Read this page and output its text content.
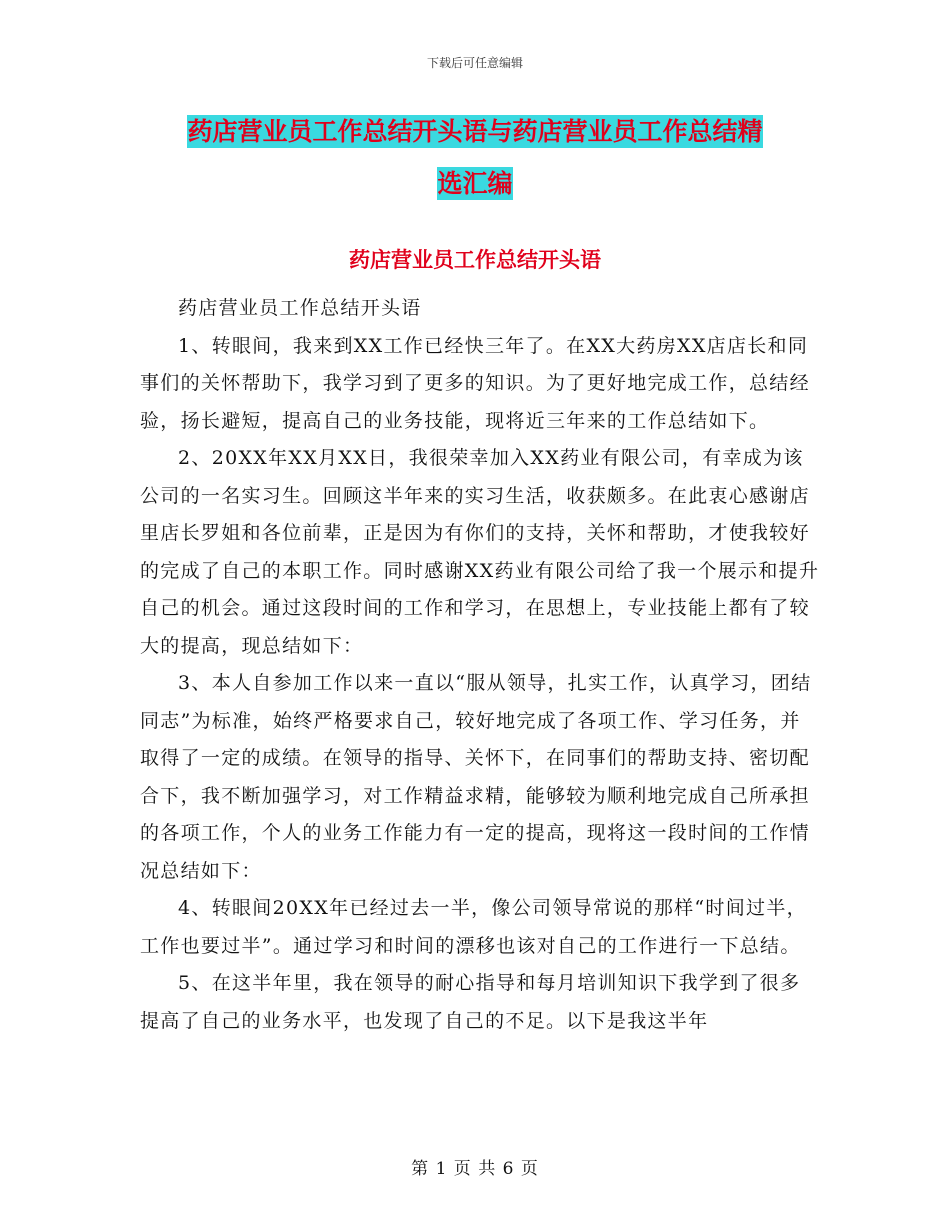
下载后可任意编辑
药店营业员工作总结开头语与药店营业员工作总结精
选汇编
药店营业员工作总结开头语

药店营业员工作总结开头语

1、转眼间，我来到XX工作已经快三年了。在XX大药房XX店店长和同事们的关怀帮助下，我学习到了更多的知识。为了更好地完成工作，总结经验，扬长避短，提高自己的业务技能，现将近三年来的工作总结如下。

2、20XX年XX月XX日，我很荣幸加入XX药业有限公司，有幸成为该公司的一名实习生。回顾这半年来的实习生活，收获颇多。在此衷心感谢店里店长罗姐和各位前辈，正是因为有你们的支持，关怀和帮助，才使我较好的完成了自己的本职工作。同时感谢XX药业有限公司给了我一个展示和提升自己的机会。通过这段时间的工作和学习，在思想上，专业技能上都有了较大的提高，现总结如下：

3、本人自参加工作以来一直以“服从领导，扎实工作，认真学习，团结同志”为标准，始终严格要求自己，较好地完成了各项工作、学习任务，并取得了一定的成绩。在领导的指导、关怀下，在同事们的帮助支持、密切配合下，我不断加强学习，对工作精益求精，能够较为顺利地完成自己所承担的各项工作，个人的业务工作能力有一定的提高，现将这一段时间的工作情况总结如下：

4、转眼间20XX年已经过去一半，像公司领导常说的那样“时间过半，工作也要过半”。通过学习和时间的漂移也该对自己的工作进行一下总结。

5、在这半年里，我在领导的耐心指导和每月培训知识下我学到了很多提高了自己的业务水平，也发现了自己的不足。以下是我这半年

第 1 页 共 6 页
